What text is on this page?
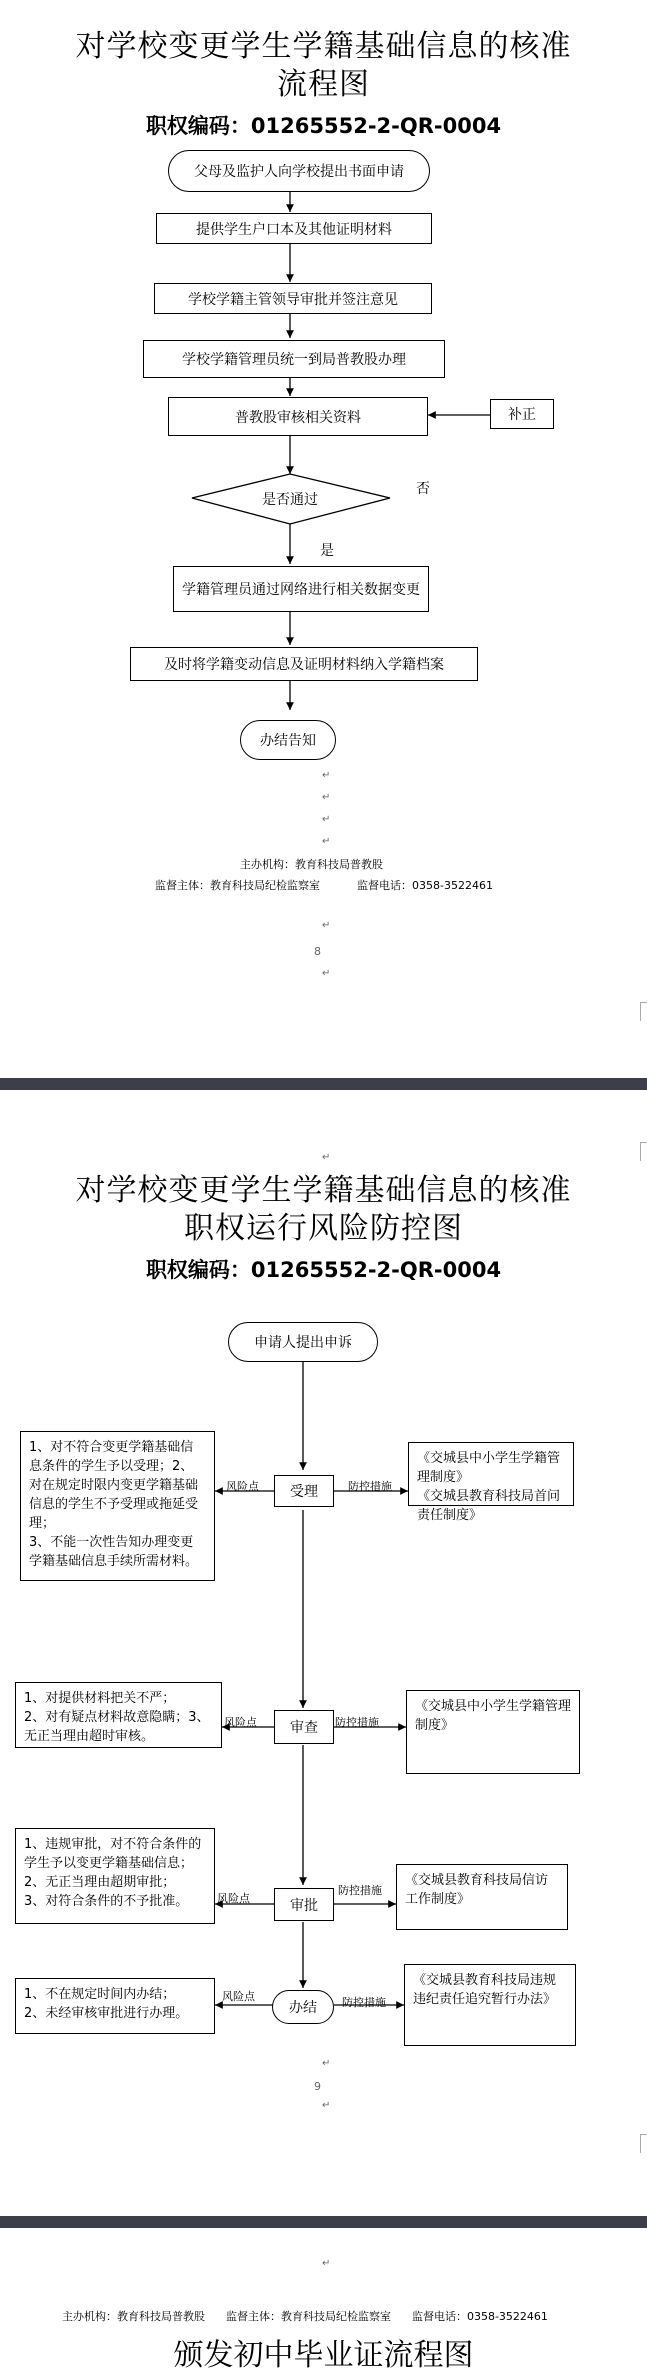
对学校变更学生学籍基础信息的核准
流程图
职权编码：01265552-2-QR-0004
父母及监护人向学校提出书面申请
提供学生户口本及其他证明材料
学校学籍主管领导审批并签注意见
学校学籍管理员统一到局普教股办理
普教股审核相关资料	补正
是否通过
否
是
学籍管理员通过网络进行相关数据变更
及时将学籍变动信息及证明材料纳入学籍档案
办结告知
主办机构：教育科技局普教股
监督主体：教育科技局纪检监察室	监督电话：0358-3522461
8
↵
↵
↵
↵
↵
↵
↵
对学校变更学生学籍基础信息的核准
职权运行风险防控图
职权编码：01265552-2-QR-0004
申请人提出申诉
受理
1、对不符合变更学籍基础信息条件的学生予以受理；2、对在规定时限内变更学籍基础信息的学生不予受理或拖延受理；
3、不能一次性告知办理变更学籍基础信息手续所需材料。
《交城县中小学生学籍管理制度》
《交城县教育科技局首问责任制度》
风险点	防控措施
审查
1、对提供材料把关不严；
2、对有疑点材料故意隐瞒；3、无正当理由超时审核。
《交城县中小学生学籍管理制度》
风险点	防控措施
审批
1、违规审批，对不符合条件的学生予以变更学籍基础信息；
2、无正当理由超期审批；
3、对符合条件的不予批准。
《交城县教育科技局信访工作制度》
风险点
防控措施
办结
1、不在规定时间内办结；
2、未经审核审批进行办理。
《交城县教育科技局违规违纪责任追究暂行办法》
风险点	防控措施
↵
9
↵
↵
主办机构：教育科技局普教股      监督主体：教育科技局纪检监察室      监督电话：0358-3522461
颁发初中毕业证流程图
